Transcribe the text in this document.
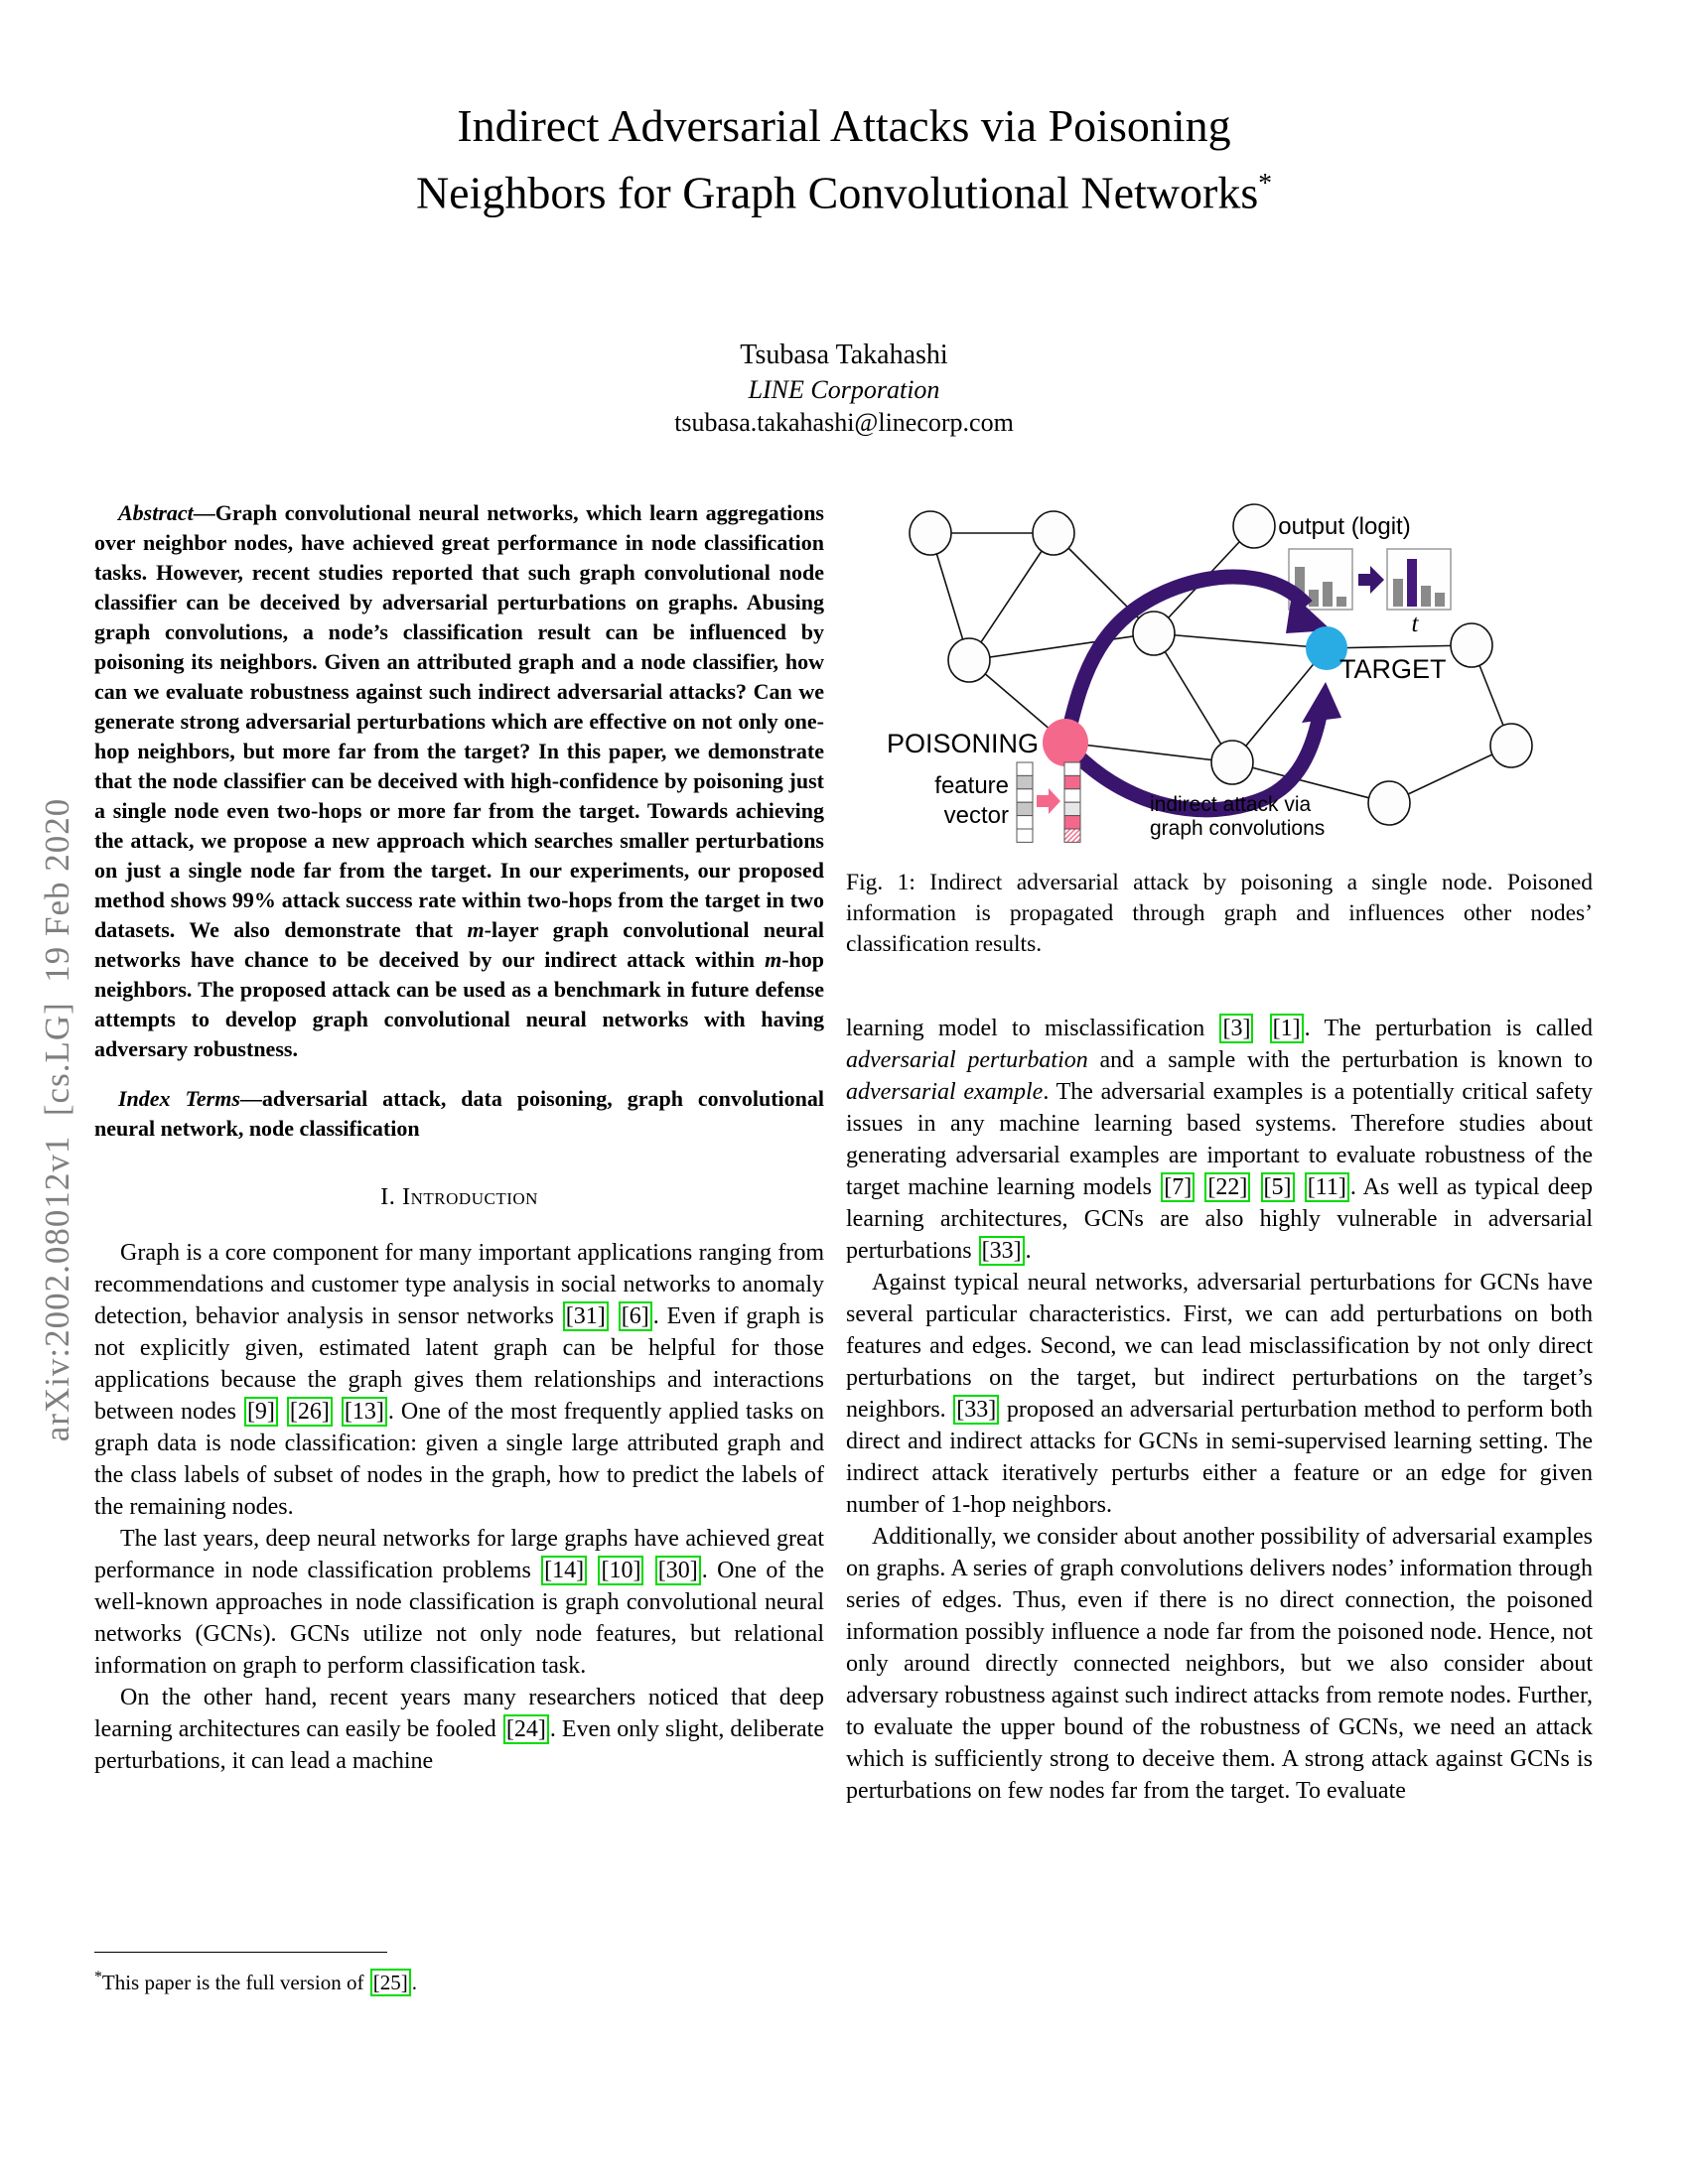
arXiv:2002.08012v1  [cs.LG]  19 Feb 2020
Indirect Adversarial Attacks via Poisoning
Neighbors for Graph Convolutional Networks*
Tsubasa Takahashi
LINE Corporation
tsubasa.takahashi@linecorp.com

Abstract—Graph convolutional neural networks, which learn aggregations over neighbor nodes, have achieved great performance in node classification tasks. However, recent studies reported that such graph convolutional node classifier can be deceived by adversarial perturbations on graphs. Abusing graph convolutions, a node’s classification result can be influenced by poisoning its neighbors. Given an attributed graph and a node classifier, how can we evaluate robustness against such indirect adversarial attacks? Can we generate strong adversarial perturbations which are effective on not only one-hop neighbors, but more far from the target? In this paper, we demonstrate that the node classifier can be deceived with high-confidence by poisoning just a single node even two-hops or more far from the target. Towards achieving the attack, we propose a new approach which searches smaller perturbations on just a single node far from the target. In our experiments, our proposed method shows 99% attack success rate within two-hops from the target in two datasets. We also demonstrate that m-layer graph convolutional neural networks have chance to be deceived by our indirect attack within m-hop neighbors. The proposed attack can be used as a benchmark in future defense attempts to develop graph convolutional neural networks with having adversary robustness.

Index Terms—adversarial attack, data poisoning, graph convolutional neural network, node classification

I. Introduction

Graph is a core component for many important applications ranging from recommendations and customer type analysis in social networks to anomaly detection, behavior analysis in sensor networks [31] [6] . Even if graph is not explicitly given, estimated latent graph can be helpful for those applications because the graph gives them relationships and interactions between nodes [9] [26] [13] . One of the most frequently applied tasks on graph data is node classification: given a single large attributed graph and the class labels of subset of nodes in the graph, how to predict the labels of the remaining nodes.

The last years, deep neural networks for large graphs have achieved great performance in node classification problems [14] [10] [30] . One of the well-known approaches in node classification is graph convolutional neural networks (GCNs). GCNs utilize not only node features, but relational information on graph to perform classification task.

On the other hand, recent years many researchers noticed that deep learning architectures can easily be fooled [24] . Even only slight, deliberate perturbations, it can lead a machine

output (logit)
t
TARGET
POISONING
feature
vector	indirect attack via
graph convolutions
Fig. 1: Indirect adversarial attack by poisoning a single node. Poisoned information is propagated through graph and influences other nodes’ classification results.

learning model to misclassification [3] [1] . The perturbation is called adversarial perturbation and a sample with the perturbation is known to adversarial example. The adversarial examples is a potentially critical safety issues in any machine learning based systems. Therefore studies about generating adversarial examples are important to evaluate robustness of the target machine learning models [7] [22] [5] [11] . As well as typical deep learning architectures, GCNs are also highly vulnerable in adversarial perturbations [33] .

Against typical neural networks, adversarial perturbations for GCNs have several particular characteristics. First, we can add perturbations on both features and edges. Second, we can lead misclassification by not only direct perturbations on the target, but indirect perturbations on the target’s neighbors. [33] proposed an adversarial perturbation method to perform both direct and indirect attacks for GCNs in semi-supervised learning setting. The indirect attack iteratively perturbs either a feature or an edge for given number of 1-hop neighbors.

Additionally, we consider about another possibility of adversarial examples on graphs. A series of graph convolutions delivers nodes’ information through series of edges. Thus, even if there is no direct connection, the poisoned information possibly influence a node far from the poisoned node. Hence, not only around directly connected neighbors, but we also consider about adversary robustness against such indirect attacks from remote nodes. Further, to evaluate the upper bound of the robustness of GCNs, we need an attack which is sufficiently strong to deceive them. A strong attack against GCNs is perturbations on few nodes far from the target. To evaluate

*This paper is the full version of [25] .
